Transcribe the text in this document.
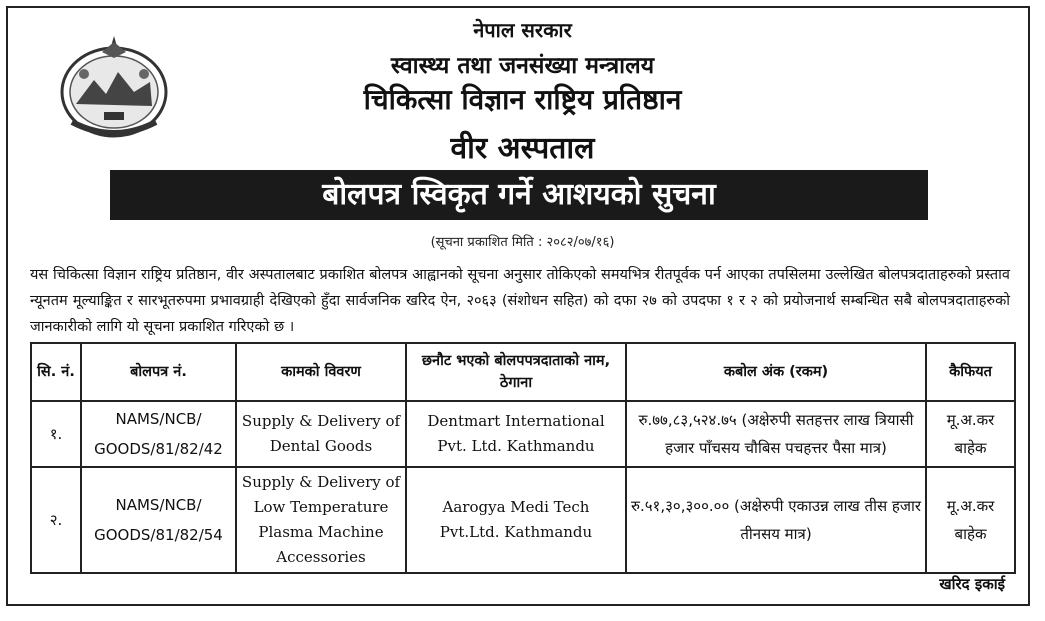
नेपाल सरकार
स्वास्थ्य तथा जनसंख्या मन्त्रालय
चिकित्सा विज्ञान राष्ट्रिय प्रतिष्ठान
वीर अस्पताल
बोलपत्र स्विकृत गर्ने आशयको सुचना
(सूचना प्रकाशित मिति : २०८२/०७/१६)
यस चिकित्सा विज्ञान राष्ट्रिय प्रतिष्ठान, वीर अस्पतालबाट प्रकाशित बोलपत्र आह्वानको सूचना अनुसार तोकिएको समयभित्र रीतपूर्वक पर्न आएका तपसिलमा उल्लेखित बोलपत्रदाताहरुको प्रस्ताव न्यूनतम मूल्याङ्कित र सारभूतरुपमा प्रभावग्राही देखिएको हुँदा सार्वजनिक खरिद ऐन, २०६३ (संशोधन सहित) को दफा २७ को उपदफा १ र २ को प्रयोजनार्थ सम्बन्धित सबै बोलपत्रदाताहरुको जानकारीको लागि यो सूचना प्रकाशित गरिएको छ ।
सि. नं.	बोलपत्र नं.	कामको विवरण	छनौट भएको बोलपपत्रदाताको नाम, ठेगाना	कबोल अंक (रकम)	कैफियत
१.	NAMS/NCB/ GOODS/81/82/42	Supply & Delivery of Dental Goods	Dentmart International Pvt. Ltd. Kathmandu	रु.७७,८३,५२४.७५ (अक्षेरुपी सतहत्तर लाख त्रियासी हजार पाँचसय चौबिस पचहत्तर पैसा मात्र)	मू.अ.कर बाहेक
२.	NAMS/NCB/ GOODS/81/82/54	Supply & Delivery of Low Temperature Plasma Machine Accessories	Aarogya Medi Tech Pvt.Ltd. Kathmandu	रु.५१,३०,३००.०० (अक्षेरुपी एकाउन्न लाख तीस हजार तीनसय मात्र)	मू.अ.कर बाहेक
खरिद इकाई
